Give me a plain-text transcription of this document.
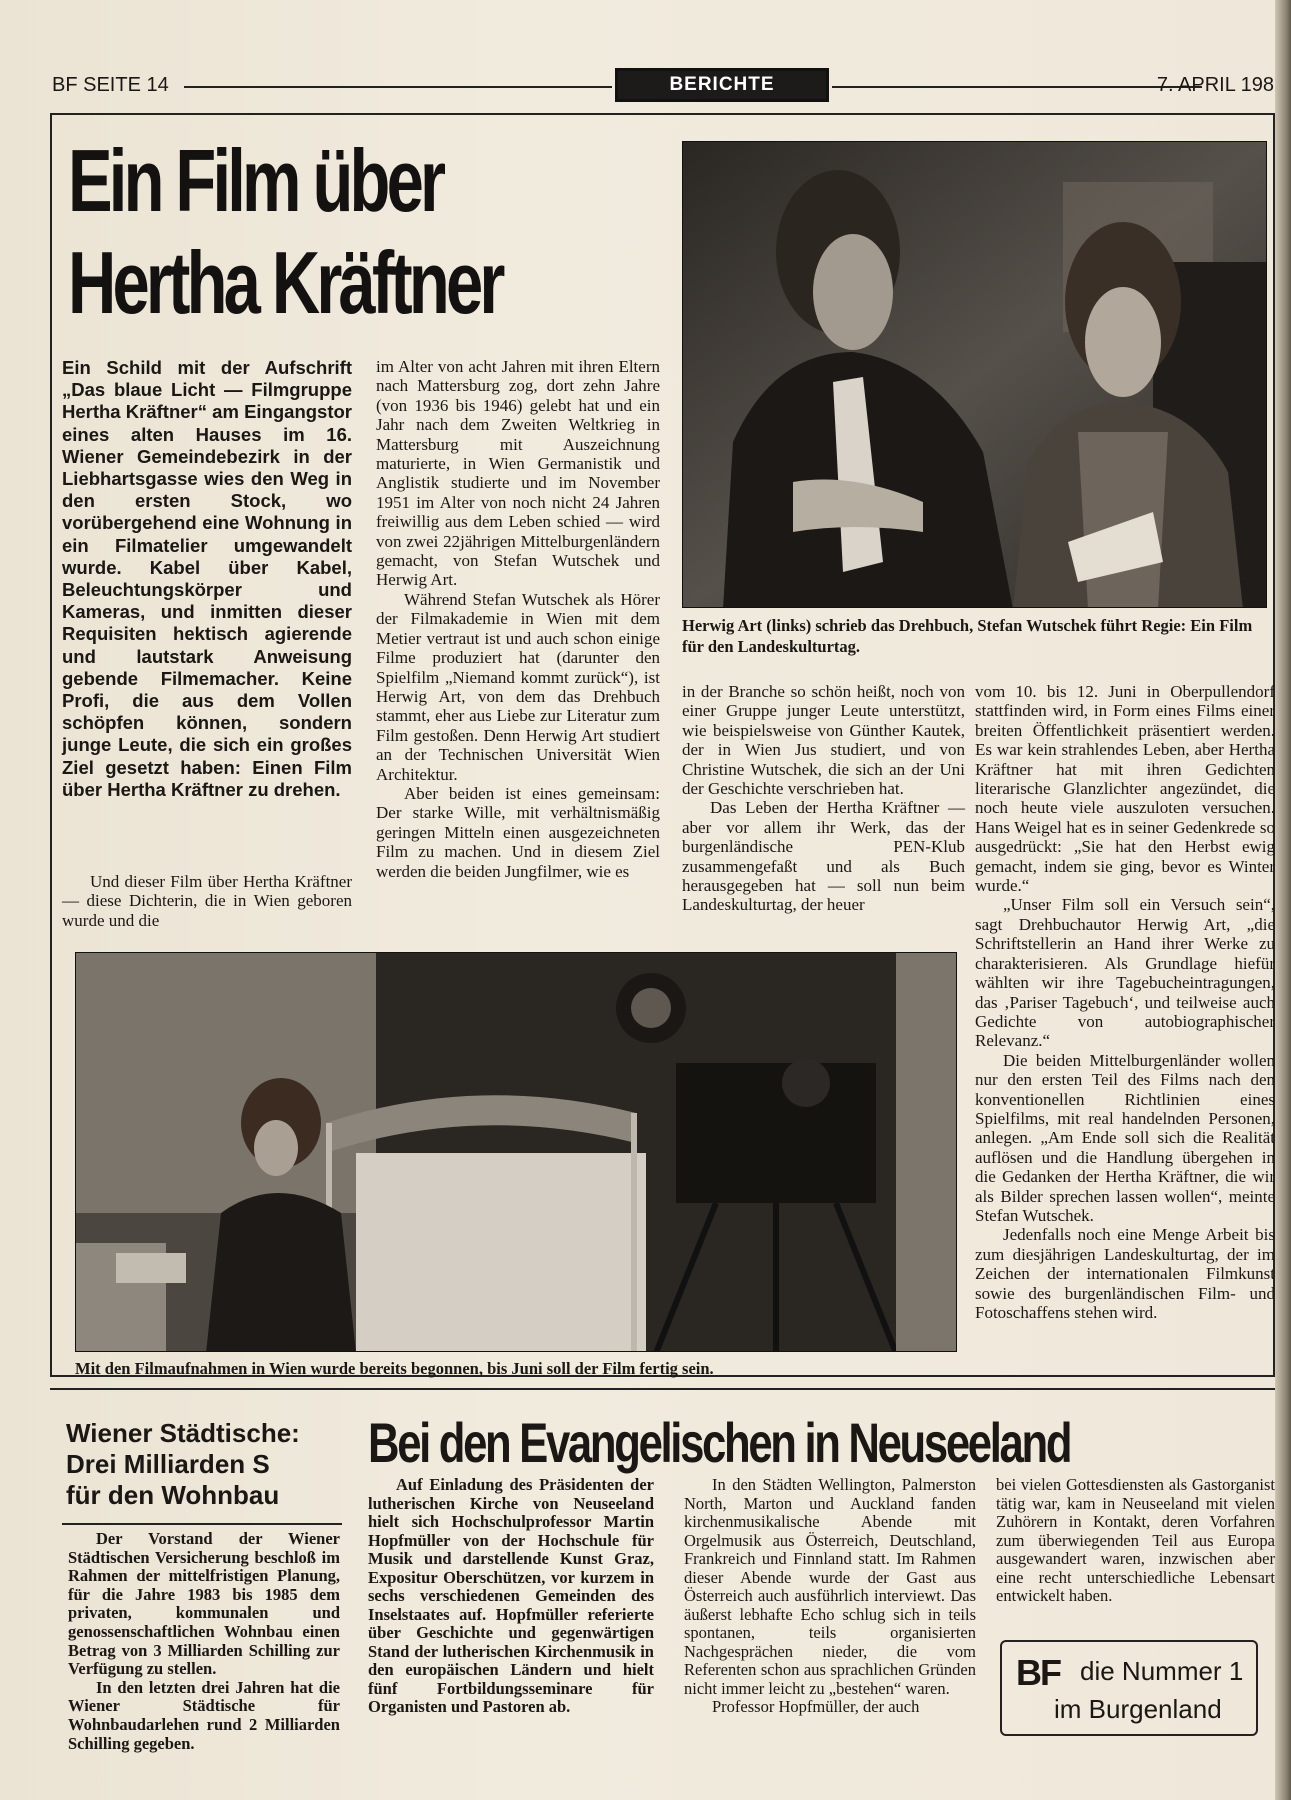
BF SEITE 14	BERICHTE	7. APRIL 198
Ein Film über
Hertha Kräftner
Herwig Art (links) schrieb das Drehbuch, Stefan Wutschek führt Regie: Ein Film für den Landeskulturtag.
Ein Schild mit der Aufschrift „Das blaue Licht — Filmgruppe Hertha Kräftner“ am Eingangstor eines alten Hauses im 16. Wiener Gemeindebezirk in der Liebhartsgasse wies den Weg in den ersten Stock, wo vorübergehend eine Wohnung in ein Filmatelier umgewandelt wurde. Kabel über Kabel, Beleuchtungskörper und Kameras, und inmitten dieser Requisiten hektisch agierende und lautstark Anweisung gebende Filmemacher. Keine Profi, die aus dem Vollen schöpfen können, sondern junge Leute, die sich ein großes Ziel gesetzt haben: Einen Film über Hertha Kräftner zu drehen.
Und dieser Film über Hertha Kräftner — diese Dichterin, die in Wien geboren wurde und die

im Alter von acht Jahren mit ihren Eltern nach Mattersburg zog, dort zehn Jahre (von 1936 bis 1946) gelebt hat und ein Jahr nach dem Zweiten Weltkrieg in Mattersburg mit Auszeichnung maturierte, in Wien Germanistik und Anglistik studierte und im November 1951 im Alter von noch nicht 24 Jahren freiwillig aus dem Leben schied — wird von zwei 22jährigen Mittelburgenländern gemacht, von Stefan Wutschek und Herwig Art.

Während Stefan Wutschek als Hörer der Filmakademie in Wien mit dem Metier vertraut ist und auch schon einige Filme produziert hat (darunter den Spielfilm „Niemand kommt zurück“), ist Herwig Art, von dem das Drehbuch stammt, eher aus Liebe zur Literatur zum Film gestoßen. Denn Herwig Art studiert an der Technischen Universität Wien Architektur.

Aber beiden ist eines gemeinsam: Der starke Wille, mit verhältnismäßig geringen Mitteln einen ausgezeichneten Film zu machen. Und in diesem Ziel werden die beiden Jungfilmer, wie es

in der Branche so schön heißt, noch von einer Gruppe junger Leute unterstützt, wie beispielsweise von Günther Kautek, der in Wien Jus studiert, und von Christine Wutschek, die sich an der Uni der Geschichte verschrieben hat.

Das Leben der Hertha Kräftner — aber vor allem ihr Werk, das der burgenländische PEN-Klub zusammengefaßt und als Buch herausgegeben hat — soll nun beim Landeskulturtag, der heuer

vom 10. bis 12. Juni in Oberpullendorf stattfinden wird, in Form eines Films einer breiten Öffentlichkeit präsentiert werden. Es war kein strahlendes Leben, aber Hertha Kräftner hat mit ihren Gedichten literarische Glanzlichter angezündet, die noch heute viele auszuloten versuchen. Hans Weigel hat es in seiner Gedenkrede so ausgedrückt: „Sie hat den Herbst ewig gemacht, indem sie ging, bevor es Winter wurde.“

„Unser Film soll ein Versuch sein“, sagt Drehbuchautor Herwig Art, „die Schriftstellerin an Hand ihrer Werke zu charakterisieren. Als Grundlage hiefür wählten wir ihre Tagebucheintragungen, das ‚Pariser Tagebuch‘, und teilweise auch Gedichte von autobiographischer Relevanz.“

Die beiden Mittelburgenländer wollen nur den ersten Teil des Films nach den konventionellen Richtlinien eines Spielfilms, mit real handelnden Personen, anlegen. „Am Ende soll sich die Realität auflösen und die Handlung übergehen in die Gedanken der Hertha Kräftner, die wir als Bilder sprechen lassen wollen“, meinte Stefan Wutschek.

Jedenfalls noch eine Menge Arbeit bis zum diesjährigen Landeskulturtag, der im Zeichen der internationalen Filmkunst sowie des burgenländischen Film- und Fotoschaffens stehen wird.

Mit den Filmaufnahmen in Wien wurde bereits begonnen, bis Juni soll der Film fertig sein.
Wiener Städtische:
Drei Milliarden S
für den Wohnbau

Der Vorstand der Wiener Städtischen Versicherung beschloß im Rahmen der mittelfristigen Planung, für die Jahre 1983 bis 1985 dem privaten, kommunalen und genossenschaftlichen Wohnbau einen Betrag von 3 Milliarden Schilling zur Verfügung zu stellen.

In den letzten drei Jahren hat die Wiener Städtische für Wohnbaudarlehen rund 2 Milliarden Schilling gegeben.

Bei den Evangelischen in Neuseeland

Auf Einladung des Präsidenten der lutherischen Kirche von Neuseeland hielt sich Hochschulprofessor Martin Hopfmüller von der Hochschule für Musik und darstellende Kunst Graz, Expositur Oberschützen, vor kurzem in sechs verschiedenen Gemeinden des Inselstaates auf. Hopfmüller referierte über Geschichte und gegenwärtigen Stand der lutherischen Kirchenmusik in den europäischen Ländern und hielt fünf Fortbildungsseminare für Organisten und Pastoren ab.

In den Städten Wellington, Palmerston North, Marton und Auckland fanden kirchenmusikalische Abende mit Orgelmusik aus Österreich, Deutschland, Frankreich und Finnland statt. Im Rahmen dieser Abende wurde der Gast aus Österreich auch ausführlich interviewt. Das äußerst lebhafte Echo schlug sich in teils spontanen, teils organisierten Nachgesprächen nieder, die vom Referenten schon aus sprachlichen Gründen nicht immer leicht zu „bestehen“ waren.

Professor Hopfmüller, der auch

bei vielen Gottesdiensten als Gastorganist tätig war, kam in Neuseeland mit vielen Zuhörern in Kontakt, deren Vorfahren zum überwiegenden Teil aus Europa ausgewandert waren, inzwischen aber eine recht unterschiedliche Lebensart entwickelt haben.

BF die Nummer 1
im Burgenland
